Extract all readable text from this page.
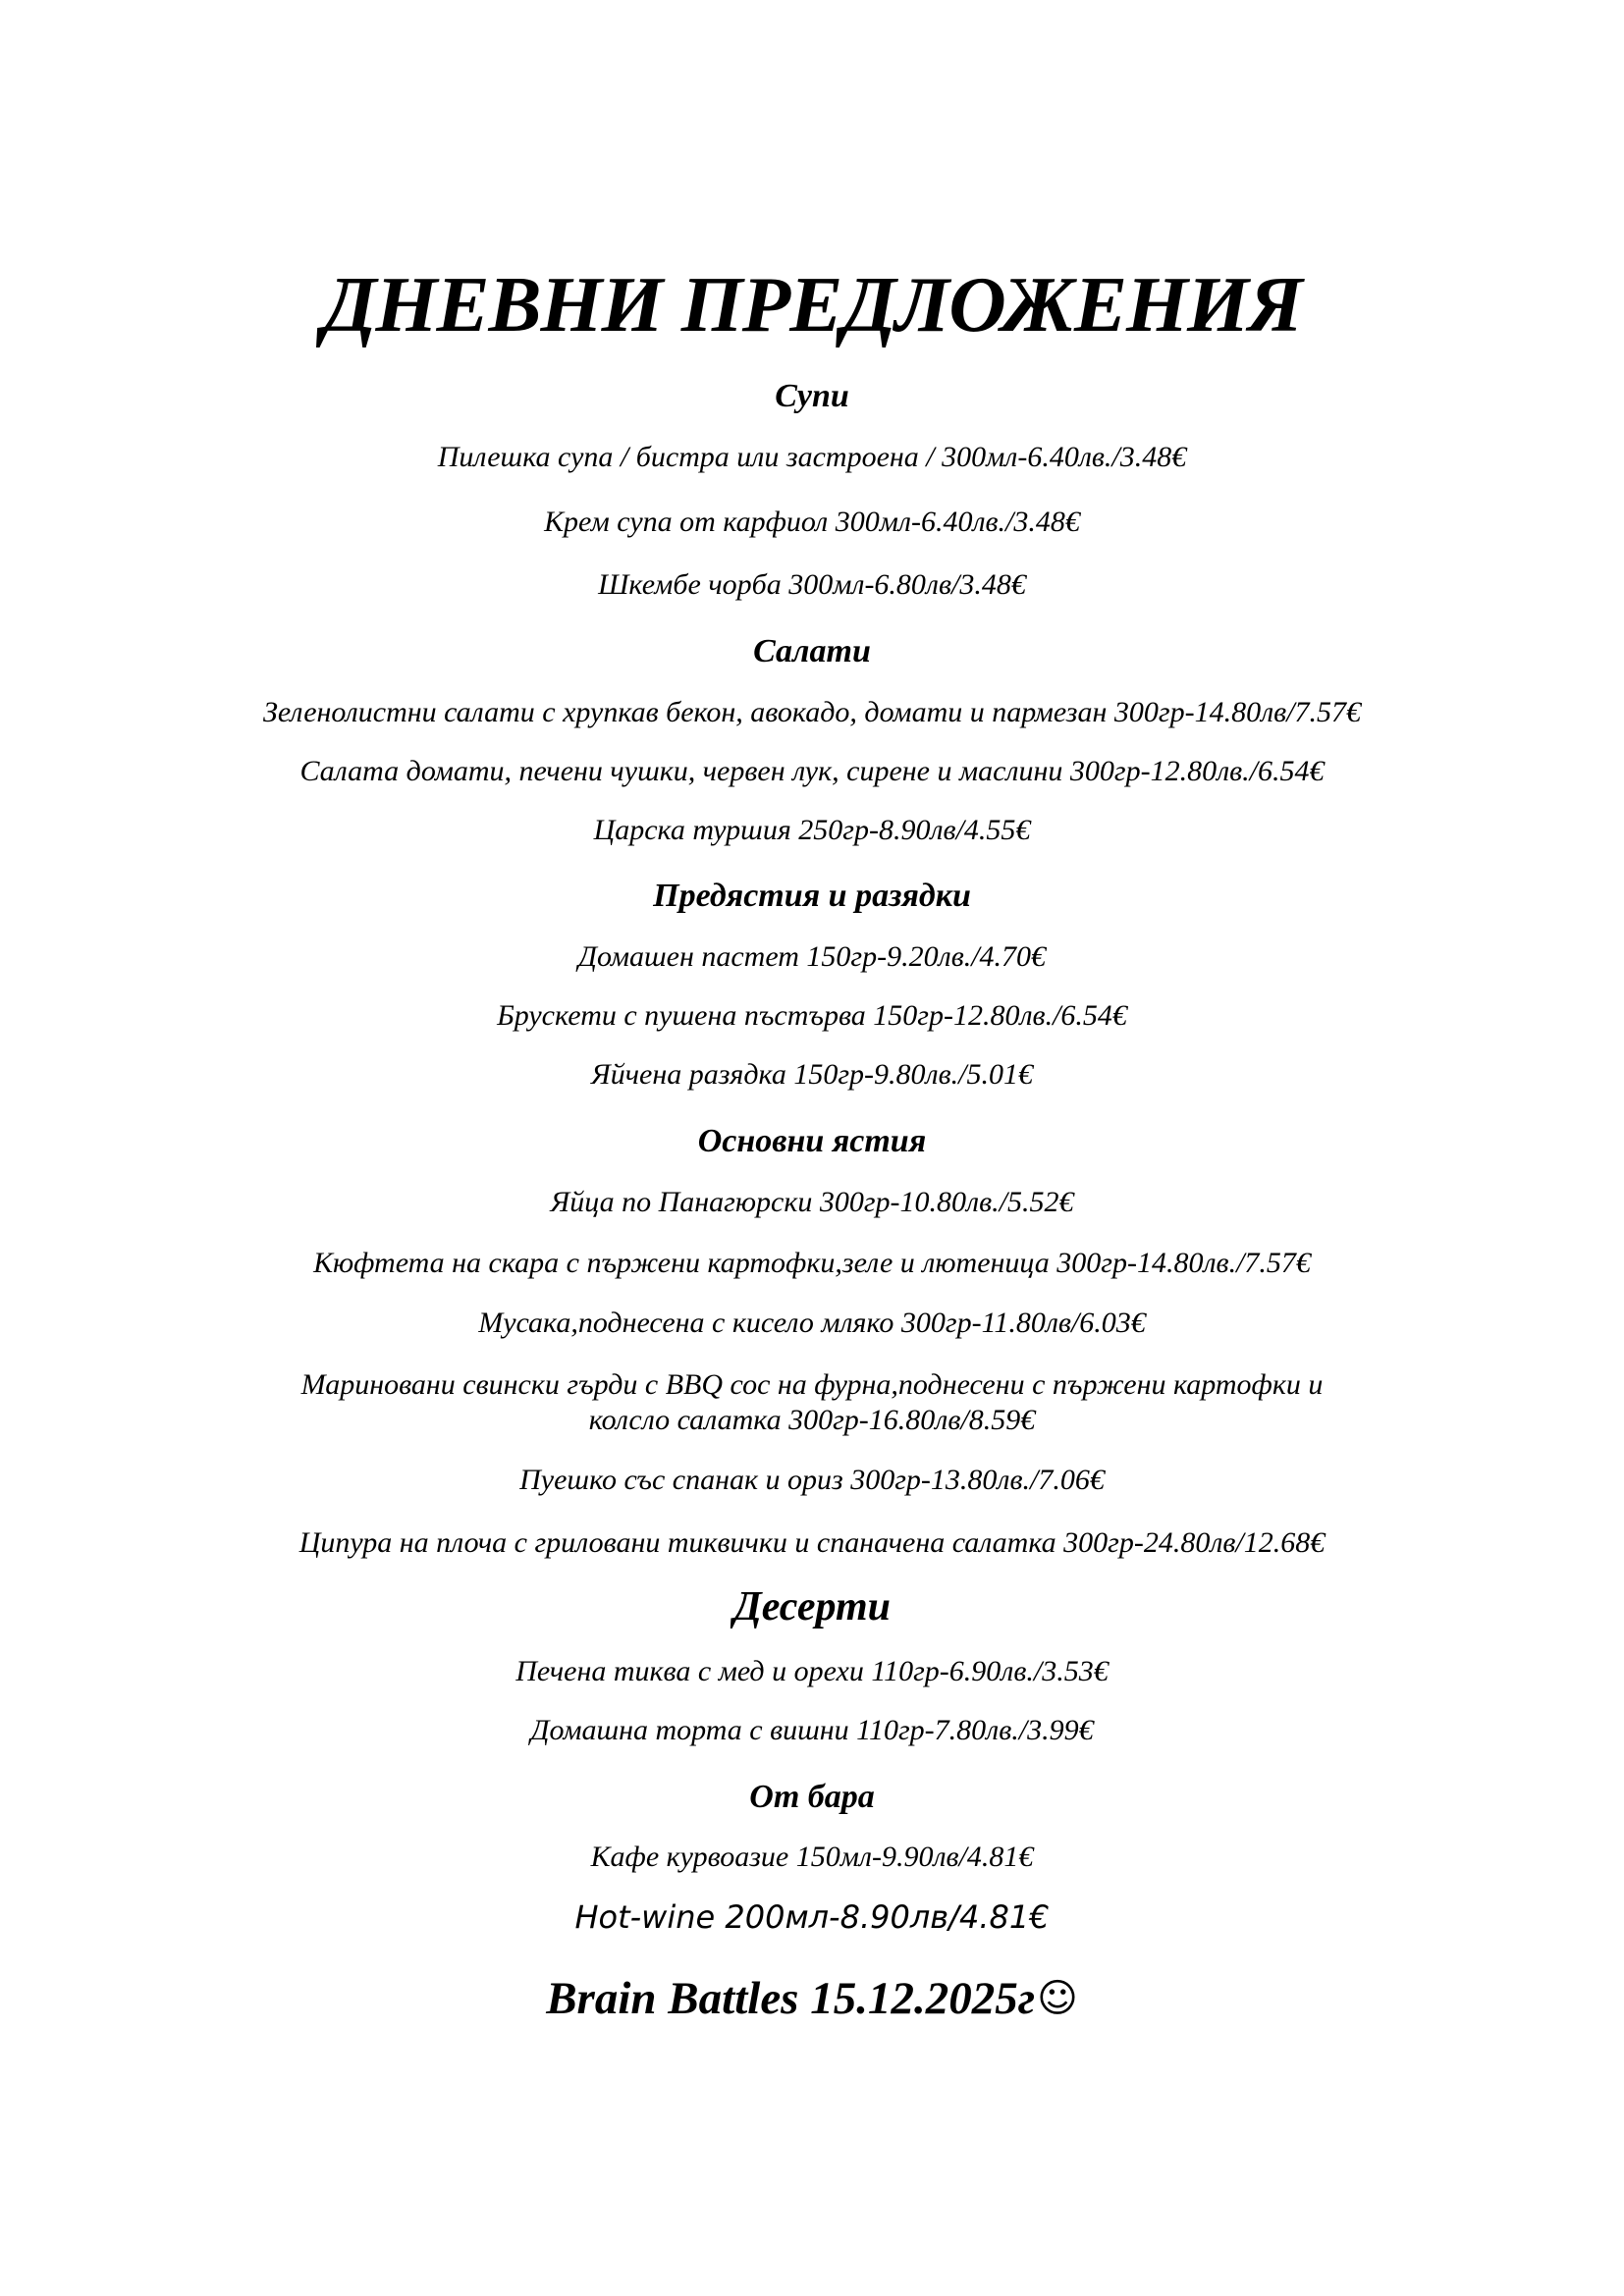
ДНЕВНИ ПРЕДЛОЖЕНИЯ
Супи
Пилешка супа / бистра или застроена / 300мл-6.40лв./3.48€
Крем супа от карфиол 300мл-6.40лв./3.48€
Шкембе чорба 300мл-6.80лв/3.48€
Салати
Зеленолистни салати с хрупкав бекон, авокадо, домати и пармезан 300гр-14.80лв/7.57€
Салата домати, печени чушки, червен лук, сирене и маслини 300гр-12.80лв./6.54€
Царска туршия 250гр-8.90лв/4.55€
Предястия и разядки
Домашен пастет 150гр-9.20лв./4.70€
Брускети с пушена пъстърва 150гр-12.80лв./6.54€
Яйчена разядка 150гр-9.80лв./5.01€
Основни ястия
Яйца по Панагюрски 300гр-10.80лв./5.52€
Кюфтета на скара с пържени картофки,зеле и лютеница 300гр-14.80лв./7.57€
Мусака,поднесена с кисело мляко 300гр-11.80лв/6.03€
Мариновани свински гърди с BBQ сос на фурна,поднесени с пържени картофки и
колсло салатка 300гр-16.80лв/8.59€
Пуешко със спанак и ориз 300гр-13.80лв./7.06€
Ципура на плоча с гриловани тиквички и спаначена салатка 300гр-24.80лв/12.68€
Десерти
Печена тиква с мед и орехи 110гр-6.90лв./3.53€
Домашна торта с вишни 110гр-7.80лв./3.99€
От бара
Кафе курвоазие 150мл-9.90лв/4.81€
Hot-wine 200мл-8.90лв/4.81€
Brain Battles 15.12.2025г☺
